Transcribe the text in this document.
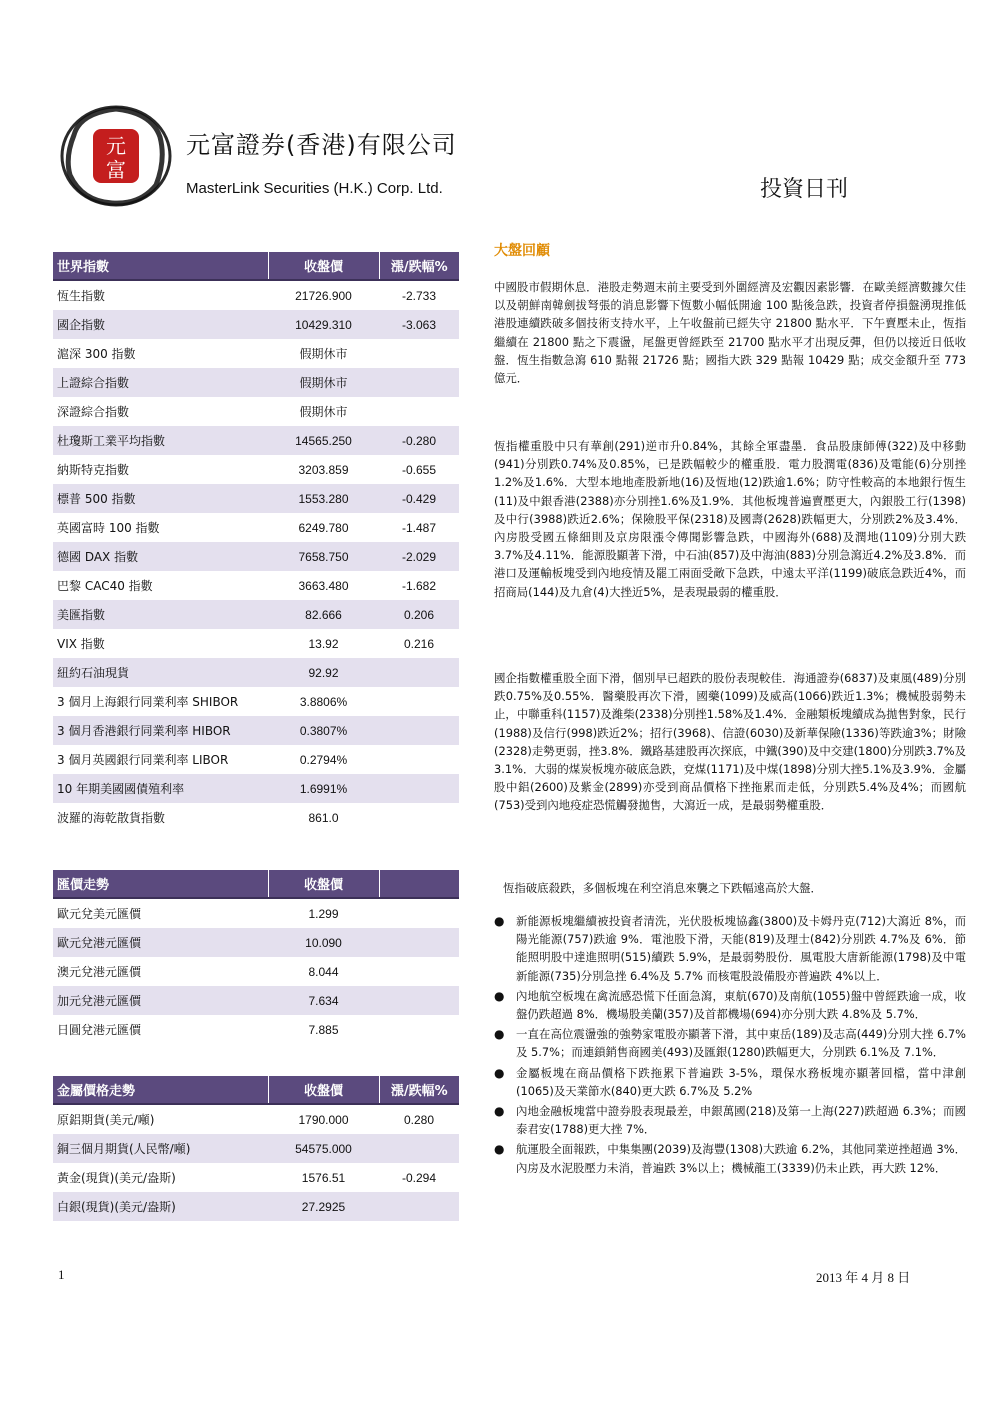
元
富
元富證券(香港)有限公司
MasterLink Securities (H.K.) Corp. Ltd.	投資日刊
世界指數	收盤價	漲/跌幅%
恆生指數	21726.900	-2.733
國企指數	10429.310	-3.063
滬深 300 指數	假期休市	
上證綜合指數	假期休市	
深證綜合指數	假期休市	
杜瓊斯工業平均指數	14565.250	-0.280
納斯特克指數	3203.859	-0.655
標普 500 指數	1553.280	-0.429
英國富時 100 指數	6249.780	-1.487
德國 DAX 指數	7658.750	-2.029
巴黎 CAC40 指數	3663.480	-1.682
美匯指數	82.666	0.206
VIX 指數	13.92	0.216
紐約石油現貨	92.92	
3 個月上海銀行同業利率 SHIBOR	3.8806%	
3 個月香港銀行同業利率 HIBOR	0.3807%	
3 個月英國銀行同業利率 LIBOR	0.2794%	
10 年期美國國債殖利率	1.6991%	
波羅的海乾散貨指數	861.0	
匯價走勢	收盤價	
歐元兌美元匯價	1.299	
歐元兌港元匯價	10.090	
澳元兌港元匯價	8.044	
加元兌港元匯價	7.634	
日圓兌港元匯價	7.885	
金屬價格走勢	收盤價	漲/跌幅%
原鋁期貨(美元/噸)	1790.000	0.280
銅三個月期貨(人民幣/噸)	54575.000	
黃金(現貨)(美元/盎斯)	1576.51	-0.294
白銀(現貨)(美元/盎斯)	27.2925	
大盤回顧

中國股市假期休息．港股走勢週末前主要受到外圍經濟及宏觀因素影響．在歐美經濟數據欠佳以及朝鮮南韓劍拔弩張的消息影響下恆數小幅低開逾 100 點後急跌，投資者停損盤湧現推低港股連續跌破多個技術支持水平，上午收盤前已經失守 21800 點水平．下午賣壓未止，恆指繼續在 21800 點之下震盪，尾盤更曾經跌至 21700 點水平才出現反彈，但仍以接近日低收盤．恆生指數急瀉 610 點報 21726 點；國指大跌 329 點報 10429 點；成交金額升至 773 億元．

恆指權重股中只有華創(291)逆市升0.84%，其餘全軍盡墨．食品股康師傅(322)及中移動(941)分別跌0.74%及0.85%，已是跌幅較少的權重股．電力股潤電(836)及電能(6)分別挫1.2%及1.6%．大型本地地產股新地(16)及恆地(12)跌逾1.6%；防守性較高的本地銀行恆生(11)及中銀香港(2388)亦分別挫1.6%及1.9%．其他板塊普遍賣壓更大，內銀股工行(1398)及中行(3988)跌近2.6%；保險股平保(2318)及國壽(2628)跌幅更大，分別跌2%及3.4%．內房股受國五條細則及京房限漲令傳聞影響急跌，中國海外(688)及潤地(1109)分別大跌3.7%及4.11%．能源股顯著下滑，中石油(857)及中海油(883)分別急瀉近4.2%及3.8%．而港口及運輸板塊受到內地疫情及罷工兩面受敵下急跌，中遠太平洋(1199)破底急跌近4%，而招商局(144)及九倉(4)大挫近5%，是表現最弱的權重股．

國企指數權重股全面下滑，個別早已超跌的股份表現較佳．海通證券(6837)及東風(489)分別跌0.75%及0.55%．醫藥股再次下滑，國藥(1099)及威高(1066)跌近1.3%；機械股弱勢未止，中聯重科(1157)及濰柴(2338)分別挫1.58%及1.4%．金融類板塊續成為拋售對象，民行(1988)及信行(998)跌近2%；招行(3968)、信證(6030)及新華保險(1336)等跌逾3%；財險(2328)走勢更弱，挫3.8%．鐵路基建股再次探底，中鐵(390)及中交建(1800)分別跌3.7%及3.1%．大弱的煤炭板塊亦破底急跌，兗煤(1171)及中煤(1898)分別大挫5.1%及3.9%．金屬股中鋁(2600)及紫金(2899)亦受到商品價格下挫拖累而走低，分別跌5.4%及4%；而國航(753)受到內地疫症恐慌觸發拋售，大瀉近一成，是最弱勢權重股．

恆指破底殺跌，多個板塊在利空消息來襲之下跌幅遠高於大盤．
● 新能源板塊繼續被投資者清洗，光伏股板塊協鑫(3800)及卡姆丹克(712)大瀉近 8%，而陽光能源(757)跌逾 9%．電池股下滑，天能(819)及理士(842)分別跌 4.7%及 6%．節能照明股中達進照明(515)續跌 5.9%，是最弱勢股份．風電股大唐新能源(1798)及中電新能源(735)分別急挫 6.4%及 5.7% 而核電股設備股亦普遍跌 4%以上．
● 內地航空板塊在禽流感恐慌下任面急瀉，東航(670)及南航(1055)盤中曾經跌逾一成，收盤仍跌超過 8%．機場股美蘭(357)及首都機場(694)亦分別大跌 4.8%及 5.7%．
● 一直在高位震盪強的強勢家電股亦顯著下滑，其中東岳(189)及志高(449)分別大挫 6.7%及 5.7%；而連鎖銷售商國美(493)及匯銀(1280)跌幅更大，分別跌 6.1%及 7.1%．
● 金屬板塊在商品價格下跌拖累下普遍跌 3-5%，環保水務板塊亦顯著回檔，當中津創(1065)及天業節水(840)更大跌 6.7%及 5.2%
● 內地金融板塊當中證券股表現最差，申銀萬國(218)及第一上海(227)跌超過 6.3%；而國泰君安(1788)更大挫 7%．
● 航運股全面報跌，中集集團(2039)及海豐(1308)大跌逾 6.2%，其他同業逆挫超過 3%．內房及水泥股壓力未消，普遍跌 3%以上；機械龍工(3339)仍未止跌，再大跌 12%．
1	2013 年 4 月 8 日
